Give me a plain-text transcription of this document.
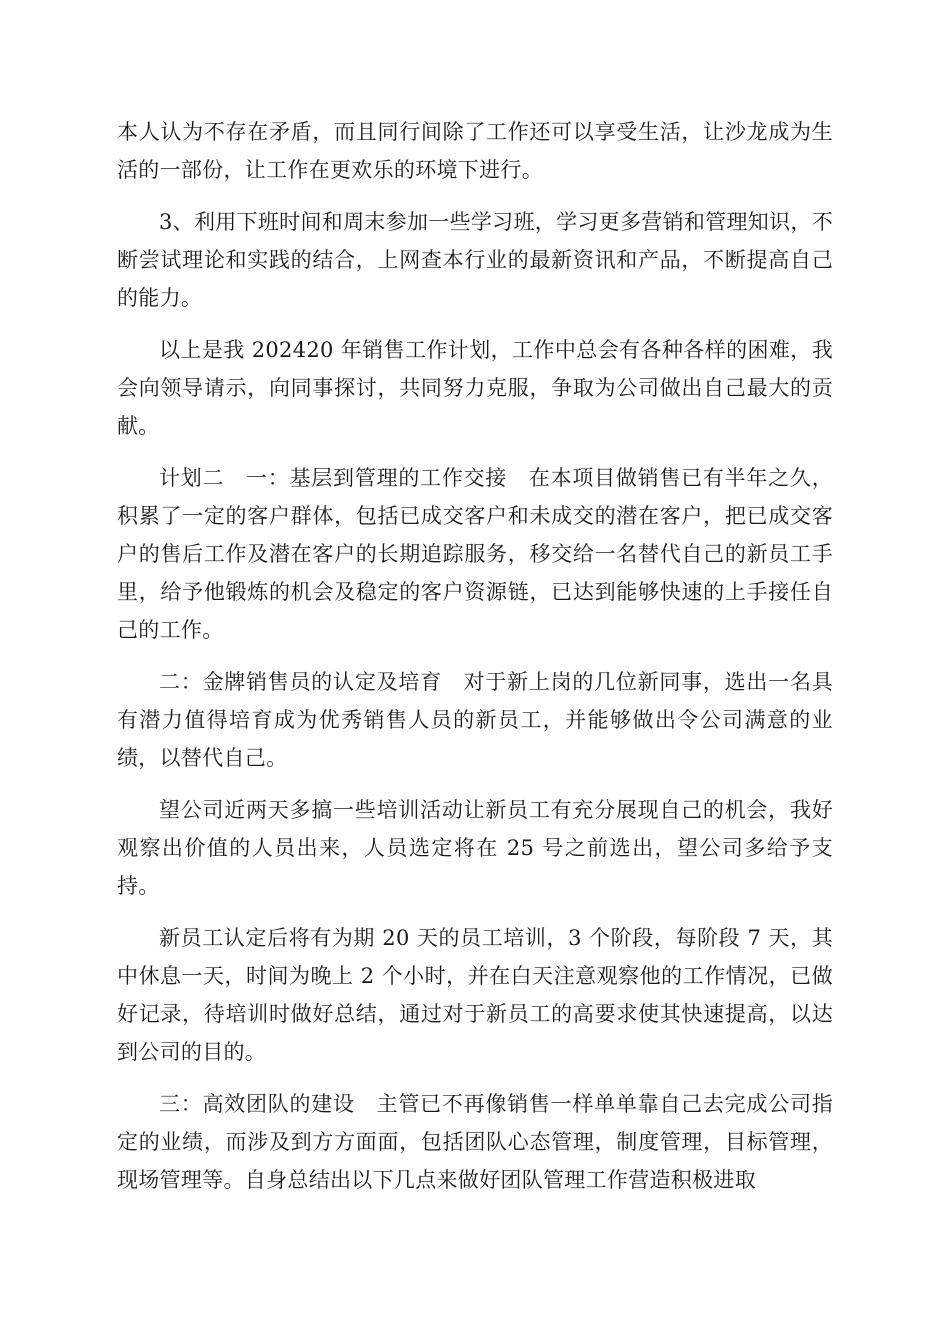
本人认为不存在矛盾，而且同行间除了工作还可以享受生活，让沙龙成为生活的一部份，让工作在更欢乐的环境下进行。

3、利用下班时间和周末参加一些学习班，学习更多营销和管理知识，不断尝试理论和实践的结合，上网查本行业的最新资讯和产品，不断提高自己的能力。

以上是我 202420 年销售工作计划，工作中总会有各种各样的困难，我会向领导请示，向同事探讨，共同努力克服，争取为公司做出自己最大的贡献。

计划二　一：基层到管理的工作交接　在本项目做销售已有半年之久，积累了一定的客户群体，包括已成交客户和未成交的潜在客户，把已成交客户的售后工作及潜在客户的长期追踪服务，移交给一名替代自己的新员工手里，给予他锻炼的机会及稳定的客户资源链，已达到能够快速的上手接任自己的工作。

二：金牌销售员的认定及培育　对于新上岗的几位新同事，选出一名具有潜力值得培育成为优秀销售人员的新员工，并能够做出令公司满意的业绩，以替代自己。

望公司近两天多搞一些培训活动让新员工有充分展现自己的机会，我好观察出价值的人员出来，人员选定将在 25 号之前选出，望公司多给予支持。

新员工认定后将有为期 20 天的员工培训，3 个阶段，每阶段 7 天，其中休息一天，时间为晚上 2 个小时，并在白天注意观察他的工作情况，已做好记录，待培训时做好总结，通过对于新员工的高要求使其快速提高，以达到公司的目的。

三：高效团队的建设　主管已不再像销售一样单单靠自己去完成公司指定的业绩，而涉及到方方面面，包括团队心态管理，制度管理，目标管理，现场管理等。自身总结出以下几点来做好团队管理工作营造积极进取
